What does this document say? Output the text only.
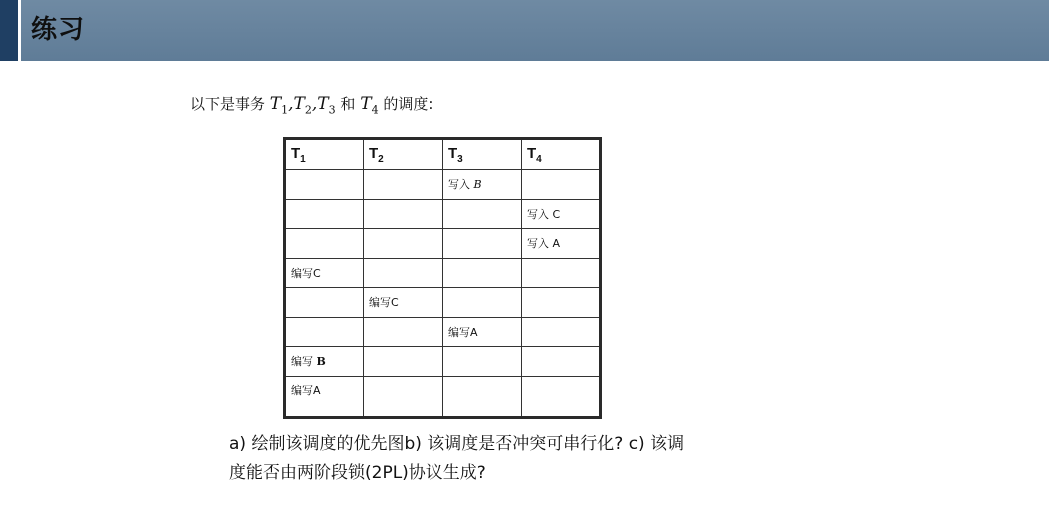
练习
以下是事务 $T_1,T_2,T_3$ 和 $T_4$ 的调度:
$T_1$	$T_2$	$T_3$	$T_4$
		写入 B	
			写入 C
			写入 A
编写C			
	编写C		
		编写A	
编写 B			
编写A			
a) 绘制该调度的优先图b) 该调度是否冲突可串行化? c) 该调度能否由两阶段锁(2PL)协议生成?
